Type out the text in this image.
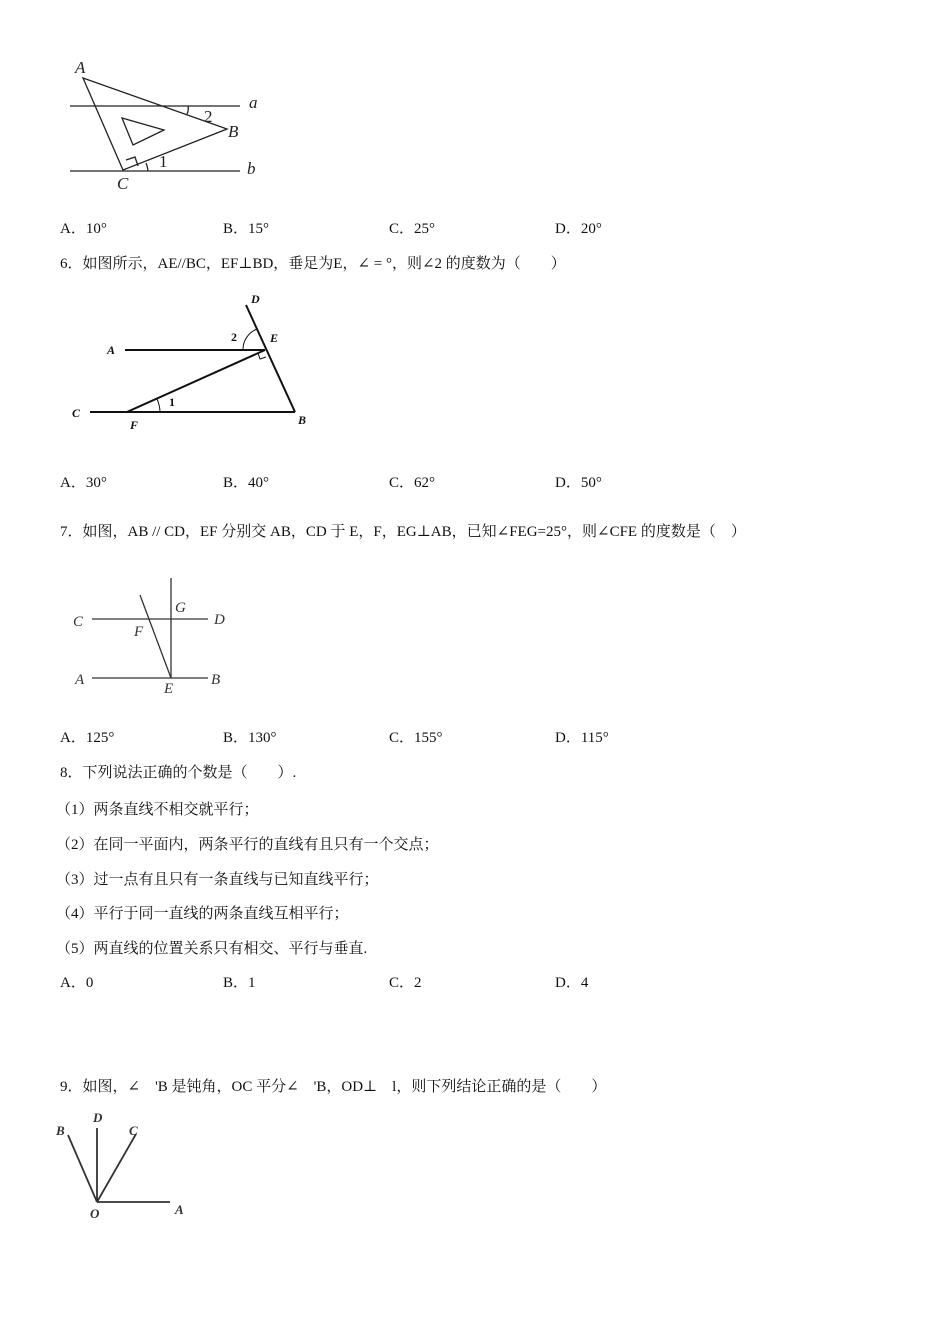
A
B
C
a
b
1
2
D
E
A
C
F	B
2
1
C	D
G
F
A
E
B
B
D
C
O	A
A．10°	B．15°	C．25°	D．20°
6．如图所示，AE//BC，EF⊥BD，垂足为E，∠ = °，则∠2 的度数为（　　）
A．30°	B．40°	C．62°	D．50°
7．如图，AB // CD，EF 分别交 AB，CD 于 E，F，EG⊥AB，已知∠FEG=25°，则∠CFE 的度数是（　）
A．125°	B．130°	C．155°	D．115°
8．下列说法正确的个数是（　　）.
（1）两条直线不相交就平行；
（2）在同一平面内，两条平行的直线有且只有一个交点；
（3）过一点有且只有一条直线与已知直线平行；
（4）平行于同一直线的两条直线互相平行；
（5）两直线的位置关系只有相交、平行与垂直.
A．0	B．1	C．2	D．4
9．如图，∠　'B 是钝角，OC 平分∠　'B，OD⊥　l，则下列结论正确的是（　　）
